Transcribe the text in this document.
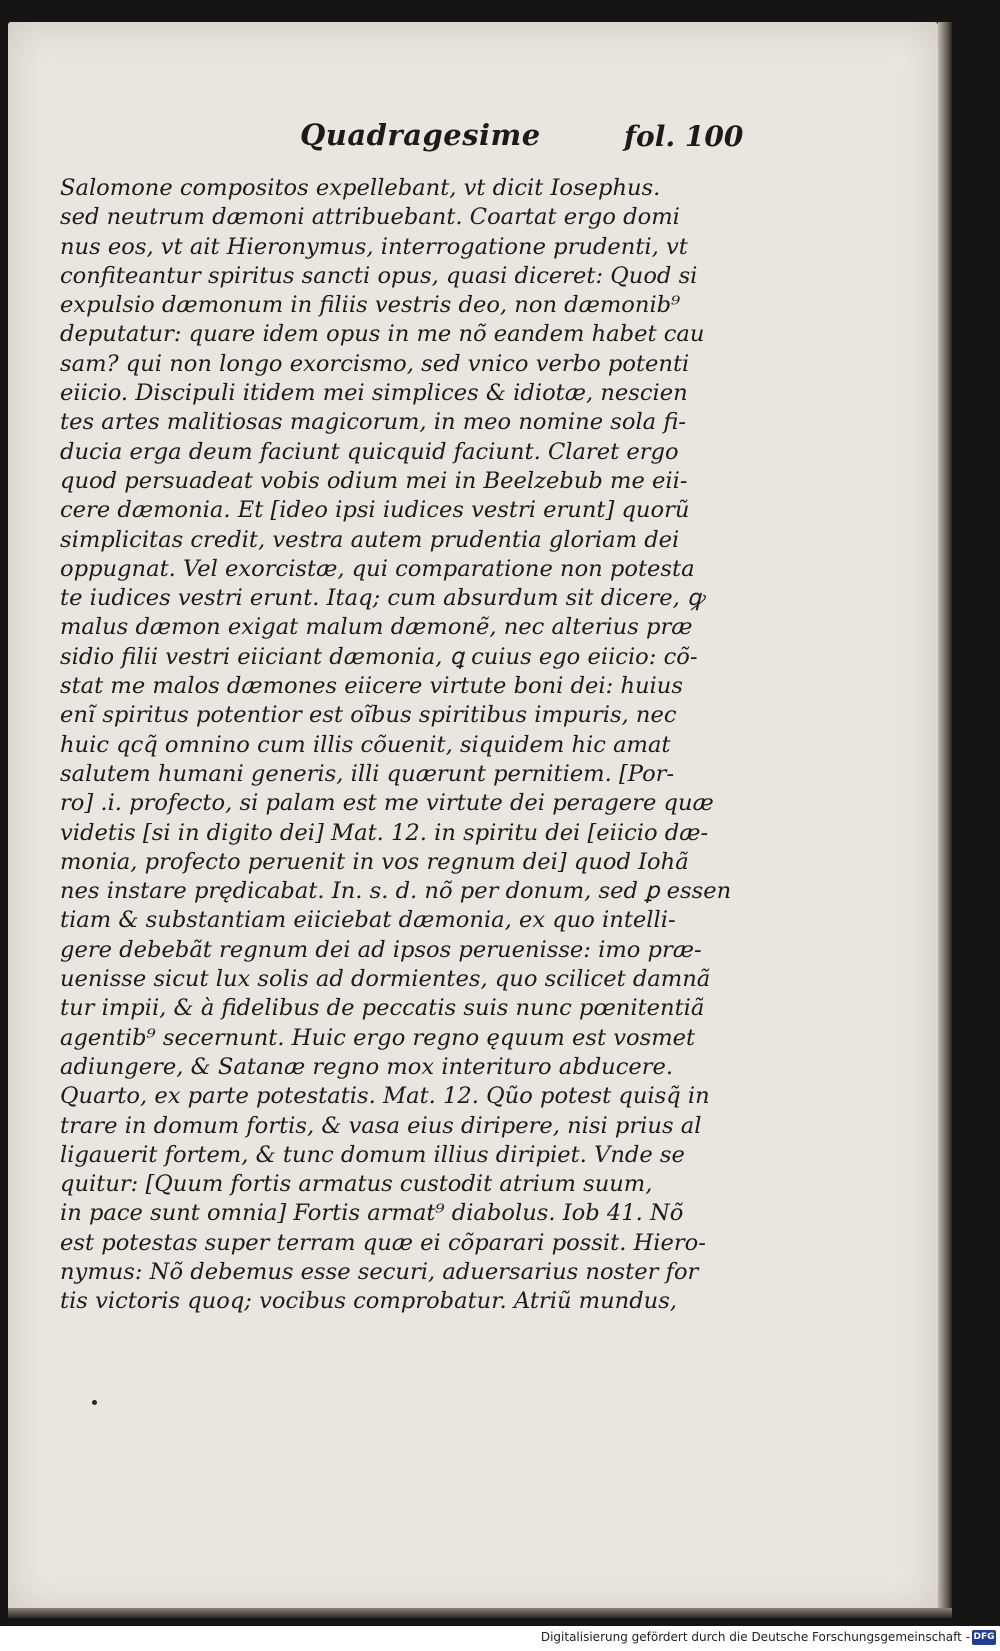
Quadragesime	fol. 100
Salomone compositos expellebant, vt dicit Iosephus.
sed neutrum dæmoni attribuebant. Coartat ergo domi
nus eos, vt ait Hieronymus, interrogatione prudenti, vt
confiteantur spiritus sancti opus, quasi diceret: Quod si
expulsio dæmonum in filiis vestris deo, non dæmonib⁹
deputatur: quare idem opus in me nõ eandem habet cau
sam? qui non longo exorcismo, sed vnico verbo potenti
eiicio. Discipuli itidem mei simplices & idiotæ, nescien
tes artes malitiosas magicorum, in meo nomine sola fi-
ducia erga deum faciunt quicquid faciunt. Claret ergo
quod persuadeat vobis odium mei in Beelzebub me eii-
cere dæmonia. Et [ideo ipsi iudices vestri erunt] quorũ
simplicitas credit, vestra autem prudentia gloriam dei
oppugnat. Vel exorcistæ, qui comparatione non potesta
te iudices vestri erunt. Itaq; cum absurdum sit dicere, ꝙ
malus dæmon exigat malum dæmonẽ, nec alterius præ
sidio filii vestri eiiciant dæmonia, ꝗ cuius ego eiicio: cõ-
stat me malos dæmones eiicere virtute boni dei: huius
enĩ spiritus potentior est oĩbus spiritibus impuris, nec
huic qcq̃ omnino cum illis cõuenit, siquidem hic amat
salutem humani generis, illi quærunt pernitiem. [Por-
ro] .i. profecto, si palam est me virtute dei peragere quæ
videtis [si in digito dei] Mat. 12. in spiritu dei [eiicio dæ-
monia, profecto peruenit in vos regnum dei] quod Iohã
nes instare prędicabat. In. s. d. nõ per donum, sed ꝑ essen
tiam & substantiam eiiciebat dæmonia, ex quo intelli-
gere debebãt regnum dei ad ipsos peruenisse: imo præ-
uenisse sicut lux solis ad dormientes, quo scilicet damnã
tur impii, & à fidelibus de peccatis suis nunc pœnitentiã
agentib⁹ secernunt. Huic ergo regno ęquum est vosmet
adiungere, & Satanæ regno mox interituro abducere.
Quarto, ex parte potestatis. Mat. 12. Qũo potest quisq̃ in
trare in domum fortis, & vasa eius diripere, nisi prius al
ligauerit fortem, & tunc domum illius diripiet. Vnde se
quitur: [Quum fortis armatus custodit atrium suum,
in pace sunt omnia] Fortis armat⁹ diabolus. Iob 41. Nõ
est potestas super terram quæ ei cõparari possit. Hiero-
nymus: Nõ debemus esse securi, aduersarius noster for
tis victoris quoq; vocibus comprobatur. Atriũ mundus,
Digitalisierung gefördert durch die Deutsche Forschungsgemeinschaft - DFG
